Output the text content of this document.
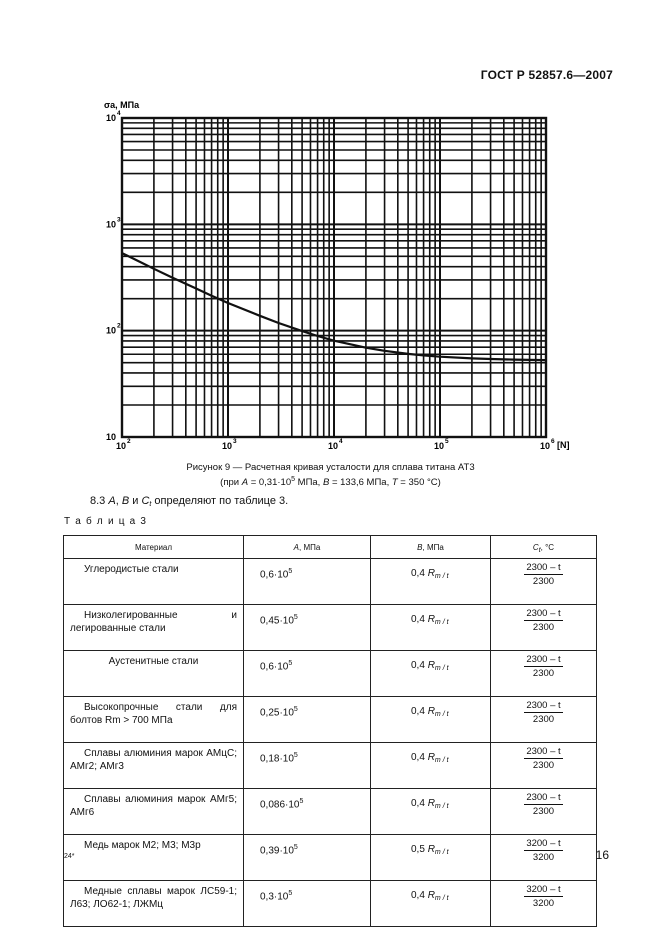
ГОСТ Р 52857.6—2007
10 2	10 3	10 4	10 5	10 6
10
10 2
10 3
10 4
σa, МПа
[N]
Рисунок 9 — Расчетная кривая усталости для сплава титана АТ3
(при $A = 0,31\cdot 10^5$ МПа, B = 133,6 МПа, T = 350 °С)
8.3 A, B и Ct определяют по таблице 3.
Т а б л и ц а 3
Материал	A, МПа	B, МПа	Ct, °С
Углеродистые стали	$0,6\cdot 10^5$	0,4 $R_{m / t}$	$\frac{2300 - t}{2300}$

Низколегированные и легированные стали	$0,45\cdot 10^5$	0,4 $R_{m / t}$	$\frac{2300 - t}{2300}$

Аустенитные стали	$0,6\cdot 10^5$	0,4 $R_{m / t}$	$\frac{2300 - t}{2300}$

Высокопрочные стали для болтов Rm > 700 МПа	$0,25\cdot 10^5$	0,4 $R_{m / t}$	$\frac{2300 - t}{2300}$

Сплавы алюминия марок АМцС; АМг2; АМг3	$0,18\cdot 10^5$	0,4 $R_{m / t}$	$\frac{2300 - t}{2300}$

Сплавы алюминия марок АМг5; АМг6	$0,086\cdot 10^5$	0,4 $R_{m / t}$	$\frac{2300 - t}{2300}$

Медь марок М2; М3; М3р	$0,39\cdot 10^5$	0,5 $R_{m / t}$	$\frac{3200 - t}{3200}$

Медные сплавы марок ЛС59-1; Л63; ЛО62-1; ЛЖМц	$0,3\cdot 10^5$	0,4 $R_{m / t}$	$\frac{3200 - t}{3200}$
24*	16
